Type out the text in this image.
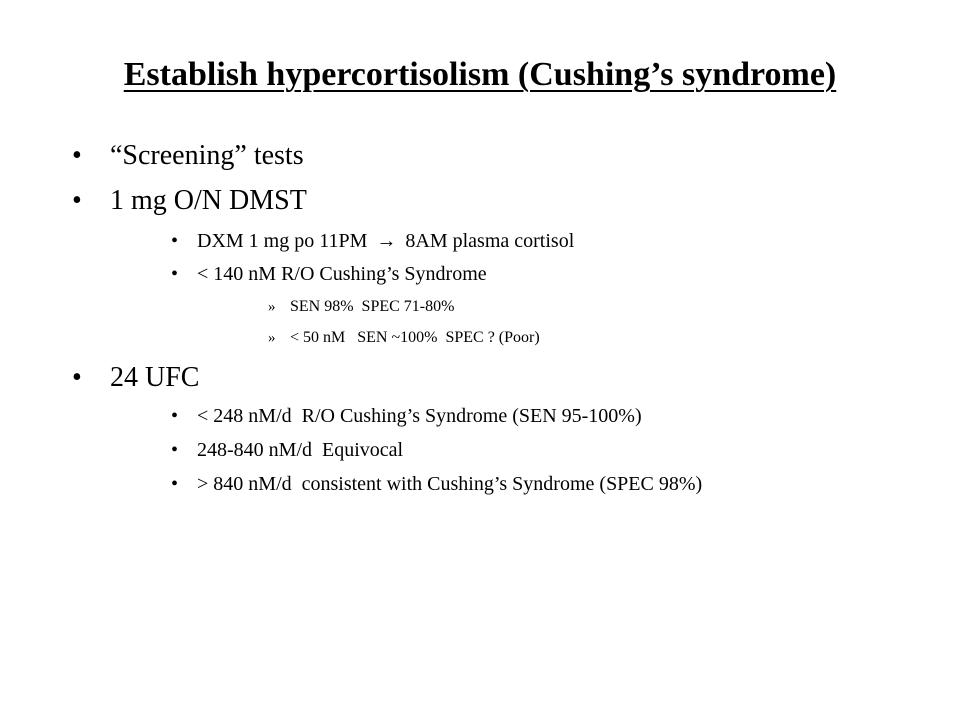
Establish hypercortisolism (Cushing’s syndrome)
• “Screening” tests
• 1 mg O/N DMST
• DXM 1 mg po 11PM → 8AM plasma cortisol
• < 140 nM R/O Cushing’s Syndrome
» SEN 98%  SPEC 71-80%
» < 50 nM   SEN ~100%  SPEC ? (Poor)
• 24 UFC
• < 248 nM/d  R/O Cushing’s Syndrome (SEN 95-100%)
• 248-840 nM/d  Equivocal
• > 840 nM/d  consistent with Cushing’s Syndrome (SPEC 98%)
